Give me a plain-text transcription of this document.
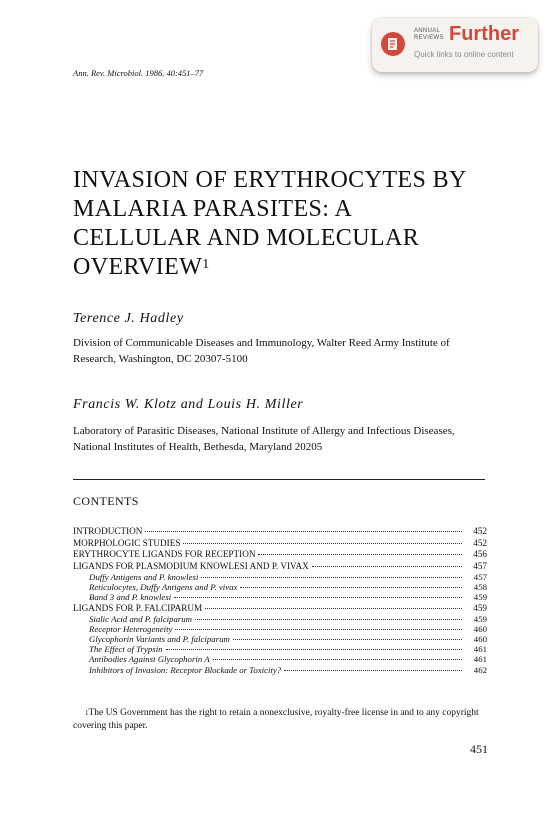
ANNUAL
REVIEWS Further
Quick links to online content
Ann. Rev. Microbiol. 1986. 40:451–77
INVASION OF ERYTHROCYTES BY
MALARIA PARASITES: A
CELLULAR AND MOLECULAR
OVERVIEW$^1$
Terence J. Hadley
Division of Communicable Diseases and Immunology, Walter Reed Army Institute of
Research, Washington, DC 20307-5100
Francis W. Klotz and Louis H. Miller
Laboratory of Parasitic Diseases, National Institute of Allergy and Infectious Diseases,
National Institutes of Health, Bethesda, Maryland 20205
CONTENTS
INTRODUCTION	452
MORPHOLOGIC STUDIES	452
ERYTHROCYTE LIGANDS FOR RECEPTION	456
LIGANDS FOR PLASMODIUM KNOWLESI AND P. VIVAX	457
Duffy Antigens and P. knowlesi	457
Reticulocytes, Duffy Antigens and P. vivax	458
Band 3 and P. knowlesi	459
LIGANDS FOR P. FALCIPARUM	459
Sialic Acid and P. falciparum	459
Receptor Heterogeneity	460
Glycophorin Variants and P. falciparum	460
The Effect of Trypsin	461
Antibodies Against Glycophorin A	461
Inhibitors of Invasion: Receptor Blockade or Toxicity?	462
$^1$The US Government has the right to retain a nonexclusive, royalty-free license in and to any copyright covering this paper.
451
